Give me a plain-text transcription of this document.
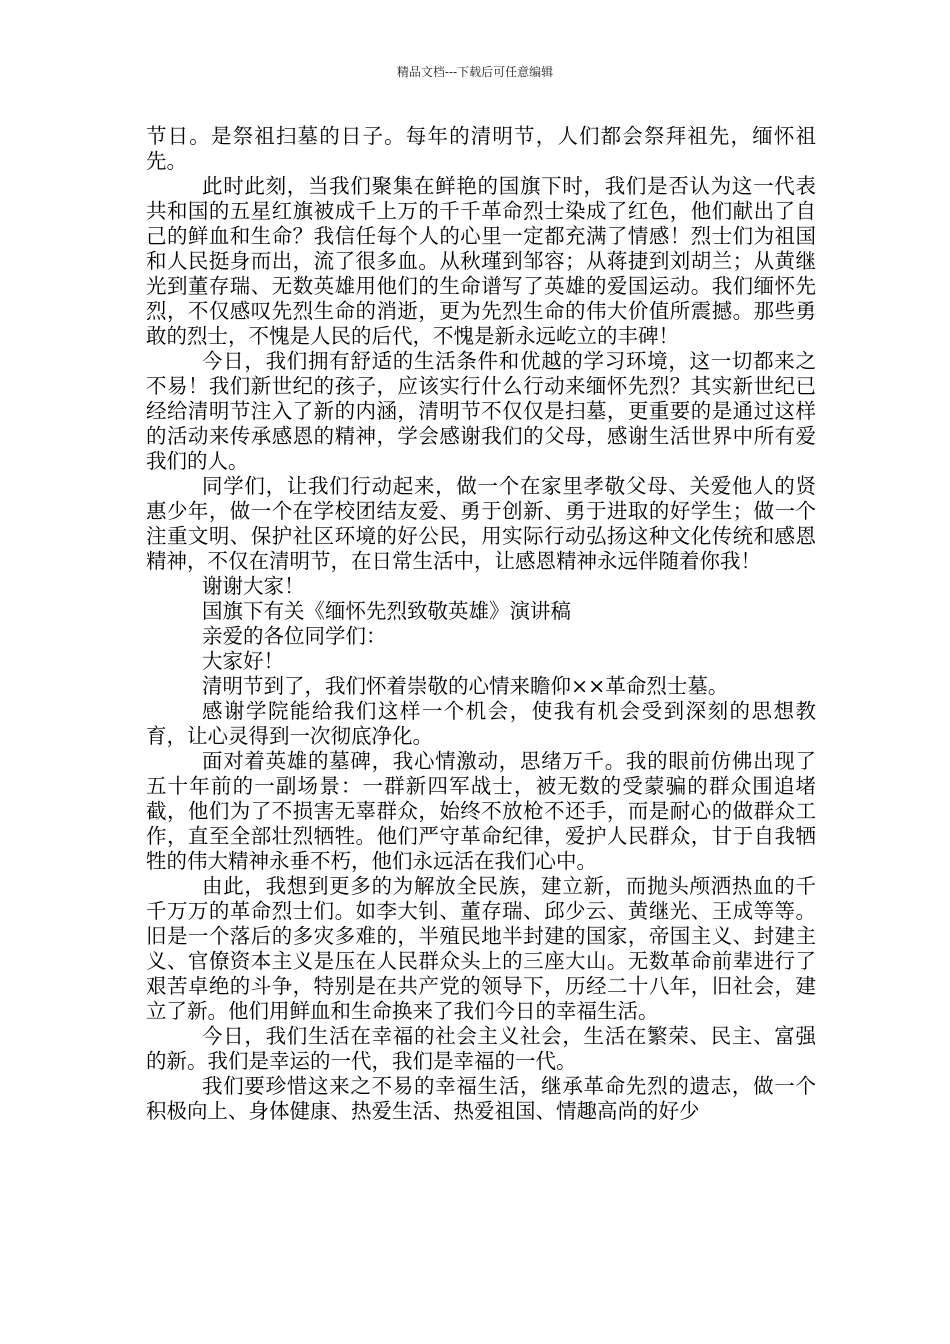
精品文档---下载后可任意编辑

节日。是祭祖扫墓的日子。每年的清明节，人们都会祭拜祖先，缅怀祖先。

此时此刻，当我们聚集在鲜艳的国旗下时，我们是否认为这一代表共和国的五星红旗被成千上万的千千革命烈士染成了红色，他们献出了自己的鲜血和生命？我信任每个人的心里一定都充满了情感！烈士们为祖国和人民挺身而出，流了很多血。从秋瑾到邹容；从蒋捷到刘胡兰；从黄继光到董存瑞、无数英雄用他们的生命谱写了英雄的爱国运动。我们缅怀先烈，不仅感叹先烈生命的消逝，更为先烈生命的伟大价值所震撼。那些勇敢的烈士，不愧是人民的后代，不愧是新永远屹立的丰碑！

今日，我们拥有舒适的生活条件和优越的学习环境，这一切都来之不易！我们新世纪的孩子，应该实行什么行动来缅怀先烈？其实新世纪已经给清明节注入了新的内涵，清明节不仅仅是扫墓，更重要的是通过这样的活动来传承感恩的精神，学会感谢我们的父母，感谢生活世界中所有爱我们的人。

同学们，让我们行动起来，做一个在家里孝敬父母、关爱他人的贤惠少年，做一个在学校团结友爱、勇于创新、勇于进取的好学生；做一个注重文明、保护社区环境的好公民，用实际行动弘扬这种文化传统和感恩精神，不仅在清明节，在日常生活中，让感恩精神永远伴随着你我！

谢谢大家！

国旗下有关《缅怀先烈致敬英雄》演讲稿

亲爱的各位同学们：

大家好！

清明节到了，我们怀着崇敬的心情来瞻仰××革命烈士墓。

感谢学院能给我们这样一个机会，使我有机会受到深刻的思想教育，让心灵得到一次彻底净化。

面对着英雄的墓碑，我心情激动，思绪万千。我的眼前仿佛出现了五十年前的一副场景：一群新四军战士，被无数的受蒙骗的群众围追堵截，他们为了不损害无辜群众，始终不放枪不还手，而是耐心的做群众工作，直至全部壮烈牺牲。他们严守革命纪律，爱护人民群众，甘于自我牺牲的伟大精神永垂不朽，他们永远活在我们心中。

由此，我想到更多的为解放全民族，建立新，而抛头颅洒热血的千千万万的革命烈士们。如李大钊、董存瑞、邱少云、黄继光、王成等等。旧是一个落后的多灾多难的，半殖民地半封建的国家，帝国主义、封建主义、官僚资本主义是压在人民群众头上的三座大山。无数革命前辈进行了艰苦卓绝的斗争，特别是在共产党的领导下，历经二十八年，旧社会，建立了新。他们用鲜血和生命换来了我们今日的幸福生活。

今日，我们生活在幸福的社会主义社会，生活在繁荣、民主、富强的新。我们是幸运的一代，我们是幸福的一代。

我们要珍惜这来之不易的幸福生活，继承革命先烈的遗志，做一个积极向上、身体健康、热爱生活、热爱祖国、情趣高尚的好少
